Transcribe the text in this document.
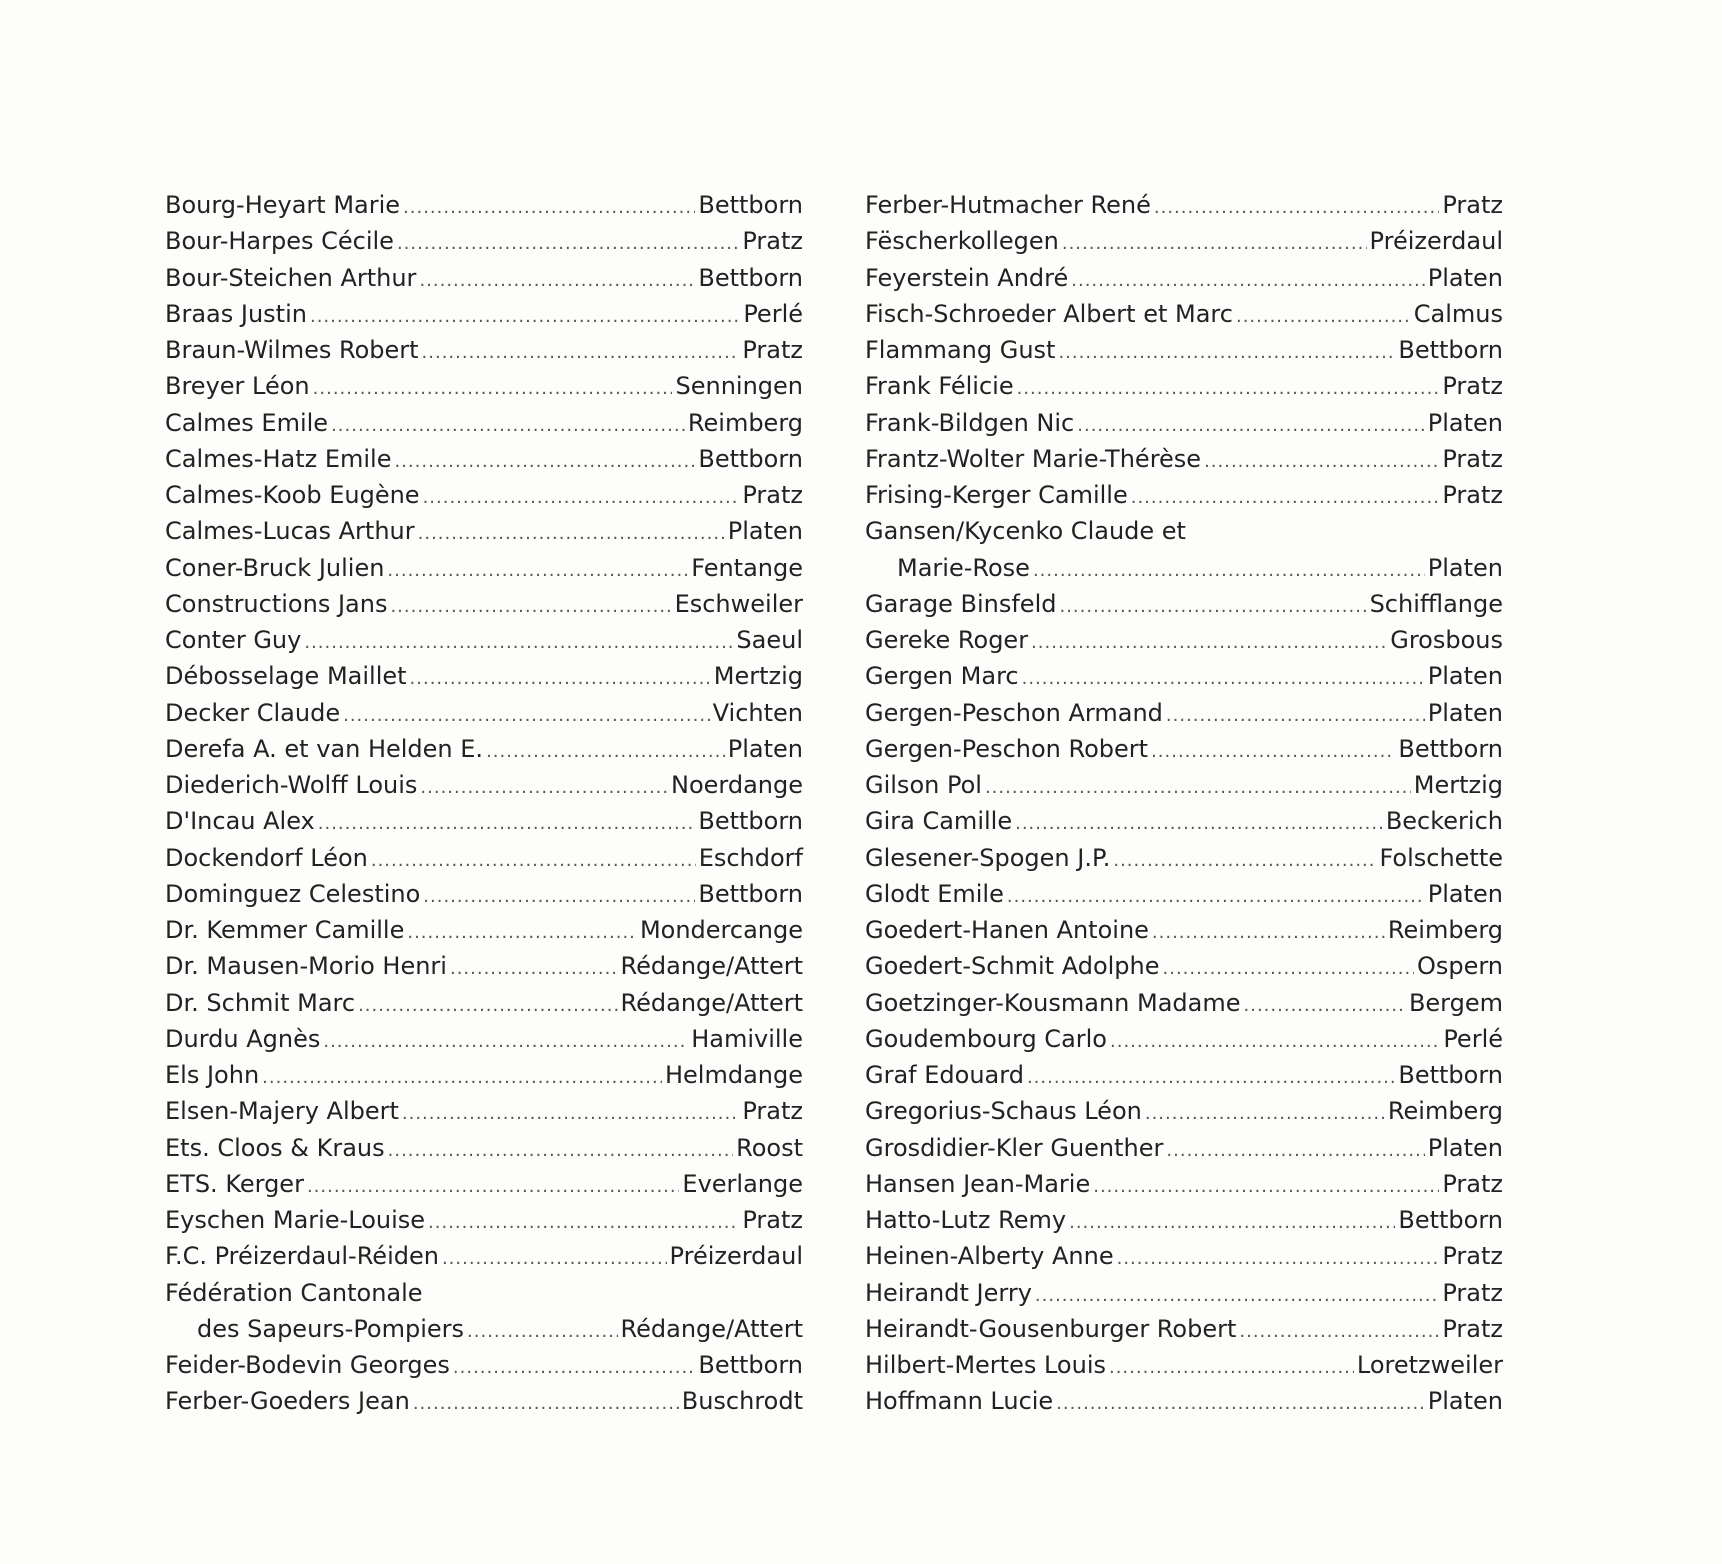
Bourg-Heyart Marie .....	Bettborn
Bour-Harpes Cécile .....	Pratz
Bour-Steichen Arthur .....	Bettborn
Braas Justin .....	Perlé
Braun-Wilmes Robert .....	Pratz
Breyer Léon .....	Senningen
Calmes Emile .....	Reimberg
Calmes-Hatz Emile .....	Bettborn
Calmes-Koob Eugène .....	Pratz
Calmes-Lucas Arthur .....	Platen
Coner-Bruck Julien .....	Fentange
Constructions Jans .....	Eschweiler
Conter Guy .....	Saeul
Débosselage Maillet .....	Mertzig
Decker Claude .....	Vichten
Derefa A. et van Helden E. .....	Platen
Diederich-Wolff Louis .....	Noerdange
D'Incau Alex .....	Bettborn
Dockendorf Léon .....	Eschdorf
Dominguez Celestino .....	Bettborn
Dr. Kemmer Camille .....	Mondercange
Dr. Mausen-Morio Henri .....	Rédange/Attert
Dr. Schmit Marc .....	Rédange/Attert
Durdu Agnès .....	Hamiville
Els John .....	Helmdange
Elsen-Majery Albert .....	Pratz
Ets. Cloos & Kraus .....	Roost
ETS. Kerger .....	Everlange
Eyschen Marie-Louise .....	Pratz
F.C. Préizerdaul-Réiden .....	Préizerdaul
Fédération Cantonale
des Sapeurs-Pompiers .....	Rédange/Attert
Feider-Bodevin Georges .....	Bettborn
Ferber-Goeders Jean .....	Buschrodt
Ferber-Hutmacher René .....	Pratz
Fëscherkollegen .....	Préizerdaul
Feyerstein André .....	Platen
Fisch-Schroeder Albert et Marc .....	Calmus
Flammang Gust .....	Bettborn
Frank Félicie .....	Pratz
Frank-Bildgen Nic .....	Platen
Frantz-Wolter Marie-Thérèse .....	Pratz
Frising-Kerger Camille .....	Pratz
Gansen/Kycenko Claude et
Marie-Rose .....	Platen
Garage Binsfeld .....	Schifflange
Gereke Roger .....	Grosbous
Gergen Marc .....	Platen
Gergen-Peschon Armand .....	Platen
Gergen-Peschon Robert .....	Bettborn
Gilson Pol .....	Mertzig
Gira Camille .....	Beckerich
Glesener-Spogen J.P. .....	Folschette
Glodt Emile .....	Platen
Goedert-Hanen Antoine .....	Reimberg
Goedert-Schmit Adolphe .....	Ospern
Goetzinger-Kousmann Madame .....	Bergem
Goudembourg Carlo .....	Perlé
Graf Edouard .....	Bettborn
Gregorius-Schaus Léon .....	Reimberg
Grosdidier-Kler Guenther .....	Platen
Hansen Jean-Marie .....	Pratz
Hatto-Lutz Remy .....	Bettborn
Heinen-Alberty Anne .....	Pratz
Heirandt Jerry .....	Pratz
Heirandt-Gousenburger Robert .....	Pratz
Hilbert-Mertes Louis .....	Loretzweiler
Hoffmann Lucie .....	Platen
